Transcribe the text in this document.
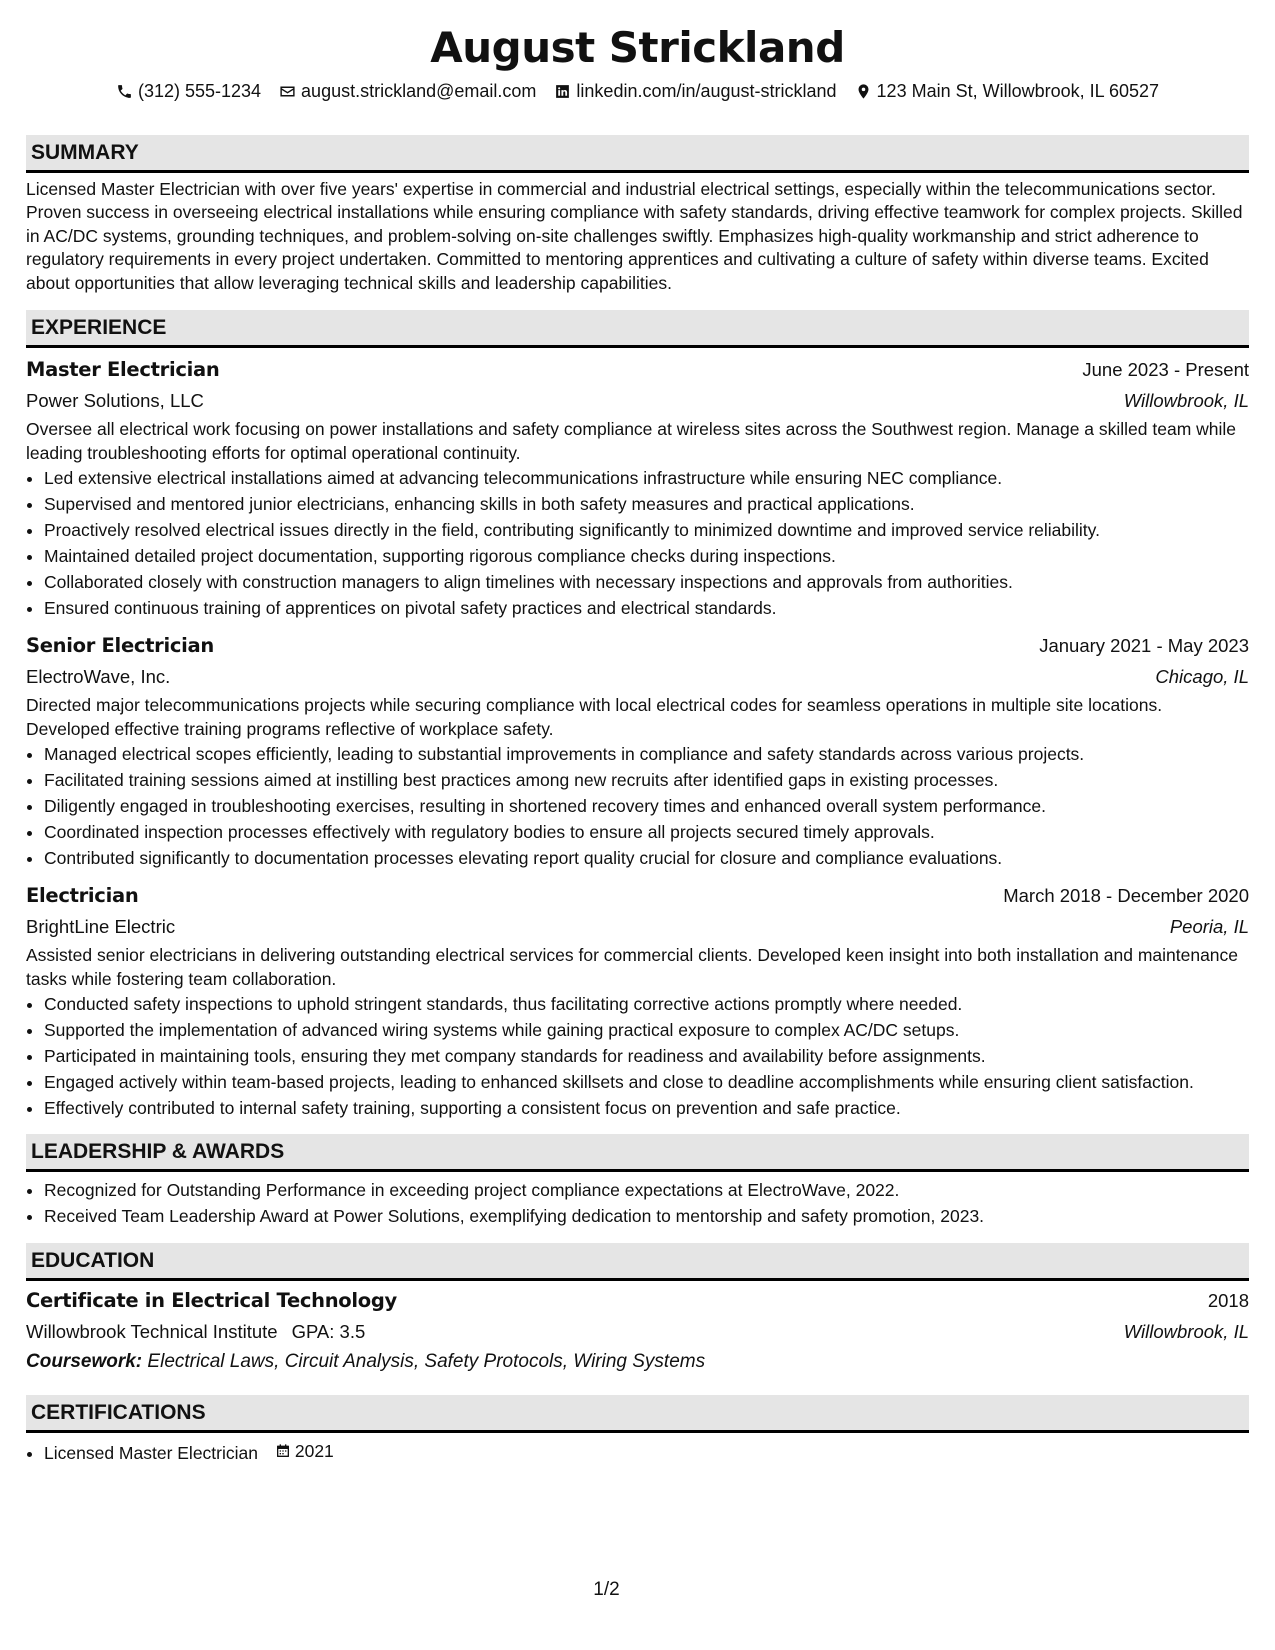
August Strickland
(312) 555-1234 august.strickland@email.com linkedin.com/in/august-strickland 123 Main St, Willowbrook, IL 60527
SUMMARY

Licensed Master Electrician with over five years' expertise in commercial and industrial electrical settings, especially within the telecommunications sector. Proven success in overseeing electrical installations while ensuring compliance with safety standards, driving effective teamwork for complex projects. Skilled in AC/DC systems, grounding techniques, and problem-solving on-site challenges swiftly. Emphasizes high-quality workmanship and strict adherence to regulatory requirements in every project undertaken. Committed to mentoring apprentices and cultivating a culture of safety within diverse teams. Excited about opportunities that allow leveraging technical skills and leadership capabilities.

EXPERIENCE
Master Electrician	June 2023 - Present
Power Solutions, LLC	Willowbrook, IL

Oversee all electrical work focusing on power installations and safety compliance at wireless sites across the Southwest region. Manage a skilled team while leading troubleshooting efforts for optimal operational continuity.

• Led extensive electrical installations aimed at advancing telecommunications infrastructure while ensuring NEC compliance.
• Supervised and mentored junior electricians, enhancing skills in both safety measures and practical applications.
• Proactively resolved electrical issues directly in the field, contributing significantly to minimized downtime and improved service reliability.
• Maintained detailed project documentation, supporting rigorous compliance checks during inspections.
• Collaborated closely with construction managers to align timelines with necessary inspections and approvals from authorities.
• Ensured continuous training of apprentices on pivotal safety practices and electrical standards.
Senior Electrician	January 2021 - May 2023
ElectroWave, Inc.	Chicago, IL

Directed major telecommunications projects while securing compliance with local electrical codes for seamless operations in multiple site locations. Developed effective training programs reflective of workplace safety.

• Managed electrical scopes efficiently, leading to substantial improvements in compliance and safety standards across various projects.
• Facilitated training sessions aimed at instilling best practices among new recruits after identified gaps in existing processes.
• Diligently engaged in troubleshooting exercises, resulting in shortened recovery times and enhanced overall system performance.
• Coordinated inspection processes effectively with regulatory bodies to ensure all projects secured timely approvals.
• Contributed significantly to documentation processes elevating report quality crucial for closure and compliance evaluations.
Electrician	March 2018 - December 2020
BrightLine Electric	Peoria, IL

Assisted senior electricians in delivering outstanding electrical services for commercial clients. Developed keen insight into both installation and maintenance tasks while fostering team collaboration.

• Conducted safety inspections to uphold stringent standards, thus facilitating corrective actions promptly where needed.
• Supported the implementation of advanced wiring systems while gaining practical exposure to complex AC/DC setups.
• Participated in maintaining tools, ensuring they met company standards for readiness and availability before assignments.
• Engaged actively within team-based projects, leading to enhanced skillsets and close to deadline accomplishments while ensuring client satisfaction.
• Effectively contributed to internal safety training, supporting a consistent focus on prevention and safe practice.
LEADERSHIP & AWARDS
• Recognized for Outstanding Performance in exceeding project compliance expectations at ElectroWave, 2022.
• Received Team Leadership Award at Power Solutions, exemplifying dedication to mentorship and safety promotion, 2023.
EDUCATION
Certificate in Electrical Technology	2018
Willowbrook Technical Institute GPA: 3.5	Willowbrook, IL
Coursework: Electrical Laws, Circuit Analysis, Safety Protocols, Wiring Systems
CERTIFICATIONS
• Licensed Master Electrician 2021
1/2
